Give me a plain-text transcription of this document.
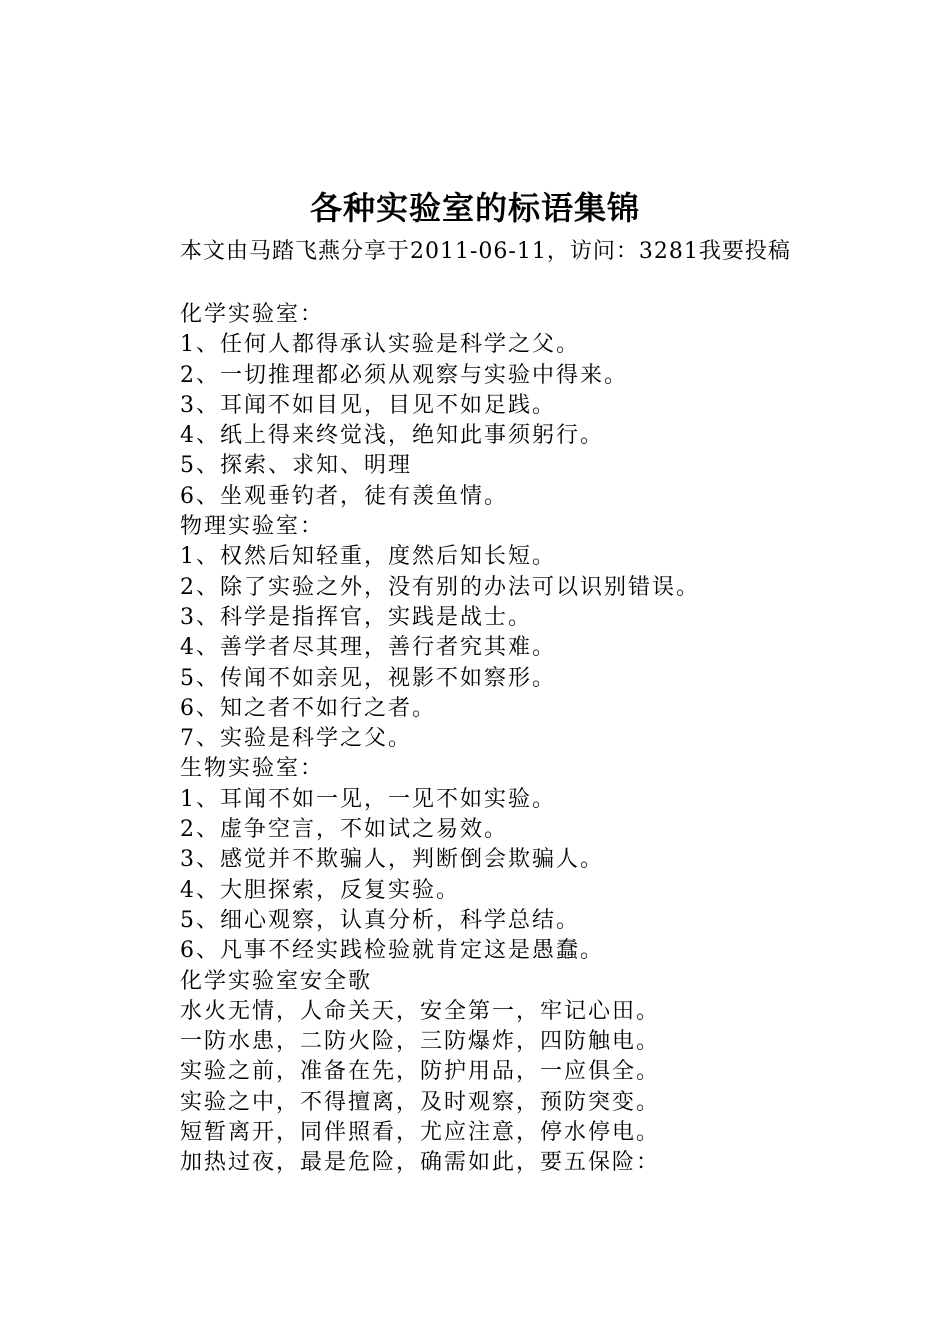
各种实验室的标语集锦
本文由马踏飞燕分享于2011-06-11，访问：3281我要投稿
化学实验室：
1、任何人都得承认实验是科学之父。
2、一切推理都必须从观察与实验中得来。
3、耳闻不如目见，目见不如足践。
4、纸上得来终觉浅，绝知此事须躬行。
5、探索、求知、明理
6、坐观垂钓者，徒有羡鱼情。
物理实验室：
1、权然后知轻重，度然后知长短。
2、除了实验之外，没有别的办法可以识别错误。
3、科学是指挥官，实践是战士。
4、善学者尽其理，善行者究其难。
5、传闻不如亲见，视影不如察形。
6、知之者不如行之者。
7、实验是科学之父。
生物实验室：
1、耳闻不如一见，一见不如实验。
2、虚争空言，不如试之易效。
3、感觉并不欺骗人，判断倒会欺骗人。
4、大胆探索，反复实验。
5、细心观察，认真分析，科学总结。
6、凡事不经实践检验就肯定这是愚蠢。
化学实验室安全歌
水火无情，人命关天，安全第一，牢记心田。
一防水患，二防火险，三防爆炸，四防触电。
实验之前，准备在先，防护用品，一应俱全。
实验之中，不得擅离，及时观察，预防突变。
短暂离开，同伴照看，尤应注意，停水停电。
加热过夜，最是危险，确需如此，要五保险：
